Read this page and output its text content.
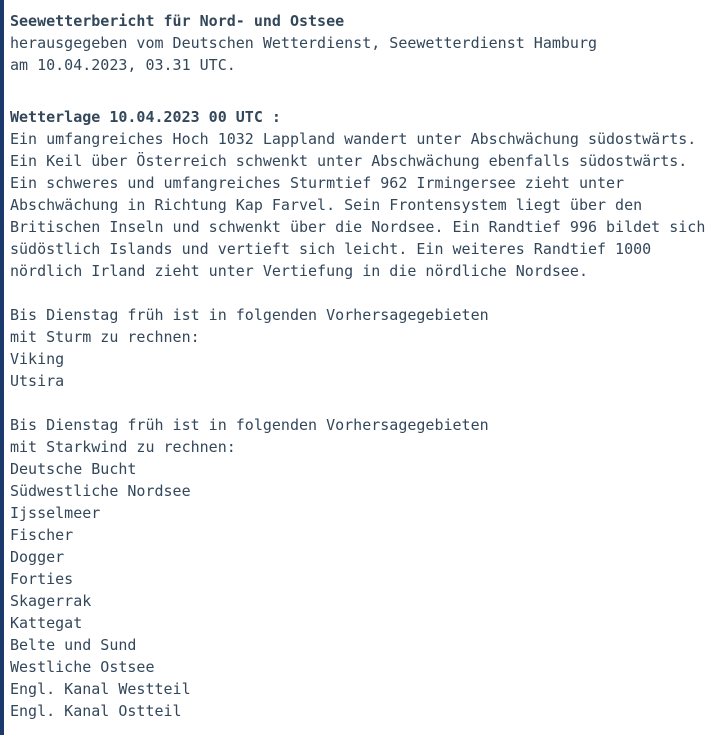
Seewetterbericht für Nord- und Ostsee

herausgegeben vom Deutschen Wetterdienst, Seewetterdienst Hamburg

am 10.04.2023, 03.31 UTC.

Wetterlage 10.04.2023 00 UTC :

Ein umfangreiches Hoch 1032 Lappland wandert unter Abschwächung südostwärts. Ein Keil über Österreich schwenkt unter Abschwächung ebenfalls südostwärts. Ein schweres und umfangreiches Sturmtief 962 Irmingersee zieht unter Abschwächung in Richtung Kap Farvel. Sein Frontensystem liegt über den Britischen Inseln und schwenkt über die Nordsee. Ein Randtief 996 bildet sich südöstlich Islands und vertieft sich leicht. Ein weiteres Randtief 1000 nördlich Irland zieht unter Vertiefung in die nördliche Nordsee.

Bis Dienstag früh ist in folgenden Vorhersagegebieten

mit Sturm zu rechnen:

Viking
Utsira

Bis Dienstag früh ist in folgenden Vorhersagegebieten

mit Starkwind zu rechnen:

Deutsche Bucht
Südwestliche Nordsee
Ijsselmeer
Fischer
Dogger
Forties
Skagerrak
Kattegat
Belte und Sund
Westliche Ostsee
Engl. Kanal Westteil
Engl. Kanal Ostteil
